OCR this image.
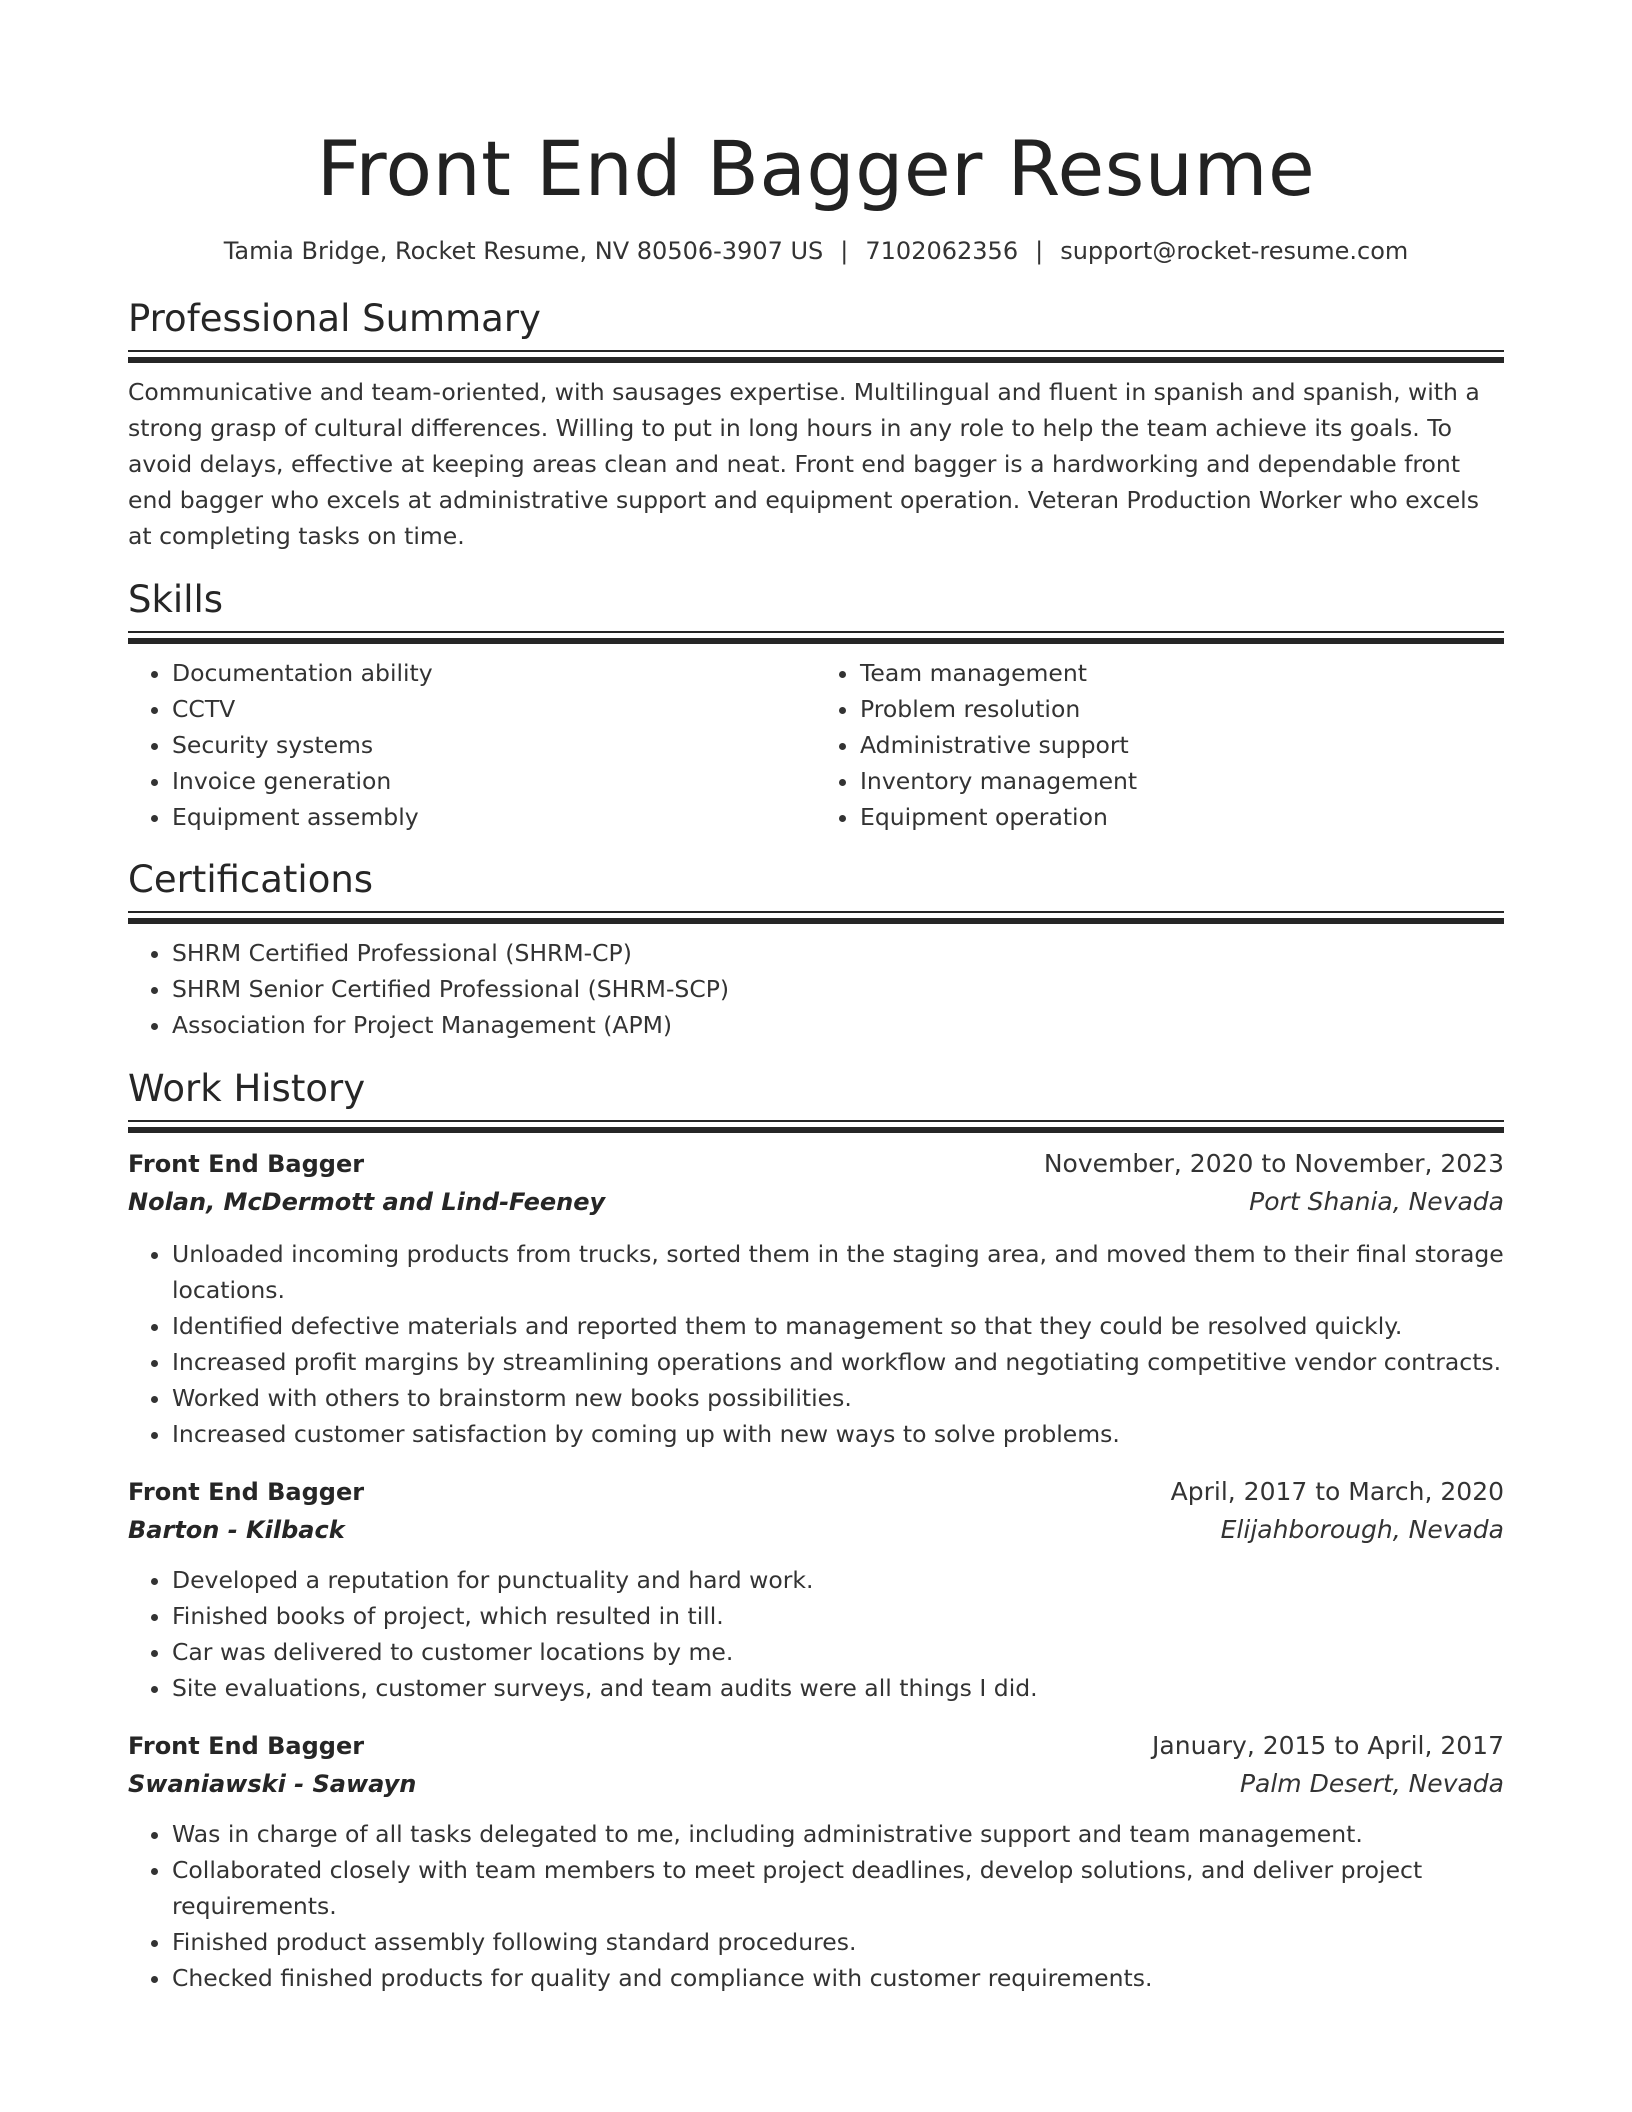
Front End Bagger Resume
Tamia Bridge, Rocket Resume, NV 80506-3907 US | 7102062356 | support@rocket-resume.com
Professional Summary

Communicative and team-oriented, with sausages expertise. Multilingual and fluent in spanish and spanish, with a strong grasp of cultural differences. Willing to put in long hours in any role to help the team achieve its goals. To avoid delays, effective at keeping areas clean and neat. Front end bagger is a hardworking and dependable front end bagger who excels at administrative support and equipment operation. Veteran Production Worker who excels at completing tasks on time.

Skills
• Documentation ability
• CCTV
• Security systems
• Invoice generation
• Equipment assembly
• Team management
• Problem resolution
• Administrative support
• Inventory management
• Equipment operation
Certifications
• SHRM Certified Professional (SHRM-CP)
• SHRM Senior Certified Professional (SHRM-SCP)
• Association for Project Management (APM)
Work History
Front End Bagger	November, 2020 to November, 2023
Nolan, McDermott and Lind-Feeney	Port Shania, Nevada
• Unloaded incoming products from trucks, sorted them in the staging area, and moved them to their final storage locations.
• Identified defective materials and reported them to management so that they could be resolved quickly.
• Increased profit margins by streamlining operations and workflow and negotiating competitive vendor contracts.
• Worked with others to brainstorm new books possibilities.
• Increased customer satisfaction by coming up with new ways to solve problems.
Front End Bagger	April, 2017 to March, 2020
Barton - Kilback	Elijahborough, Nevada
• Developed a reputation for punctuality and hard work.
• Finished books of project, which resulted in till.
• Car was delivered to customer locations by me.
• Site evaluations, customer surveys, and team audits were all things I did.
Front End Bagger	January, 2015 to April, 2017
Swaniawski - Sawayn	Palm Desert, Nevada
• Was in charge of all tasks delegated to me, including administrative support and team management.
• Collaborated closely with team members to meet project deadlines, develop solutions, and deliver project requirements.
• Finished product assembly following standard procedures.
• Checked finished products for quality and compliance with customer requirements.
